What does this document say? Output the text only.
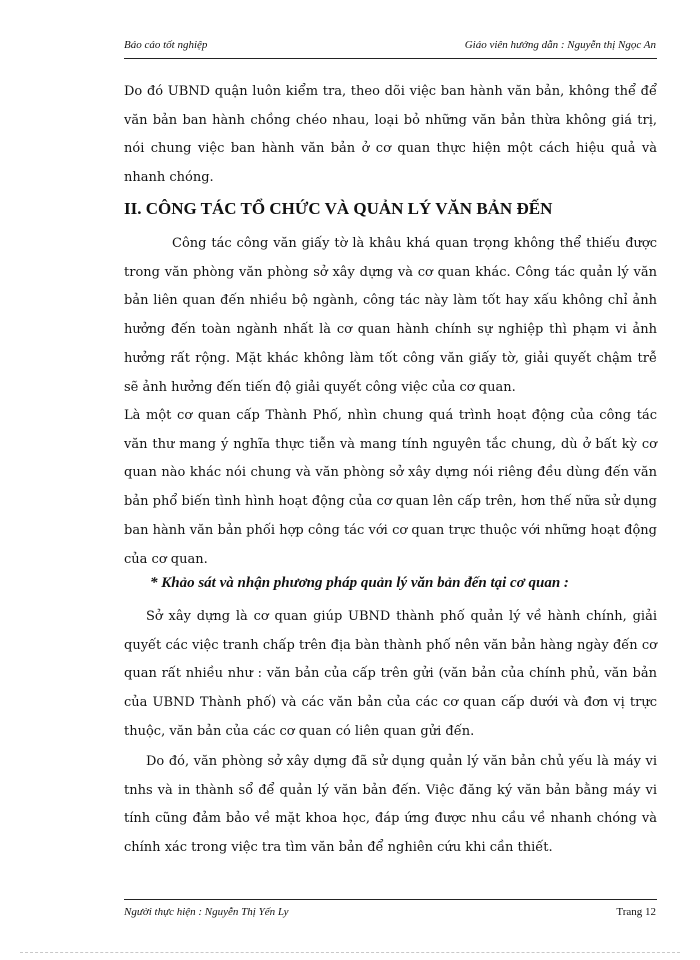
Báo cáo tốt nghiệp	Giáo viên hướng dẫn : Nguyễn thị Ngọc An

Do đó UBND quận luôn kiểm tra, theo dõi việc ban hành văn bản, không thể để văn bản ban hành chồng chéo nhau, loại bỏ những văn bản thừa không giá trị, nói chung việc ban hành văn bản ở cơ quan thực hiện một cách hiệu quả và nhanh chóng.

II. CÔNG TÁC TỔ CHỨC VÀ QUẢN LÝ VĂN BẢN ĐẾN

Công tác công văn giấy tờ là khâu khá quan trọng không thể thiếu được trong văn phòng văn phòng sở xây dựng và cơ quan khác. Công tác quản lý văn bản liên quan đến nhiều bộ ngành, công tác này làm tốt hay xấu không chỉ ảnh hưởng đến toàn ngành nhất là cơ quan hành chính sự nghiệp thì phạm vi ảnh hưởng rất rộng. Mặt khác không làm tốt công văn giấy tờ, giải quyết chậm trễ sẽ ảnh hưởng đến tiến độ giải quyết công việc của cơ quan.

Là một cơ quan cấp Thành Phố, nhìn chung quá trình hoạt động của công tác văn thư mang ý nghĩa thực tiễn và mang tính nguyên tắc chung, dù ở bất kỳ cơ quan nào khác nói chung và văn phòng sở xây dựng nói riêng đều dùng đến văn bản phổ biến tình hình hoạt động của cơ quan lên cấp trên, hơn thế nữa sử dụng ban hành văn bản phối hợp công tác với cơ quan trực thuộc với những hoạt động của cơ quan.

* Khảo sát và nhận phương pháp quản lý văn bản đến tại cơ quan :

Sở xây dựng là cơ quan giúp UBND thành phố quản lý về hành chính, giải quyết các việc tranh chấp trên địa bàn thành phố nên văn bản hàng ngày đến cơ quan rất nhiều như : văn bản của cấp trên gửi (văn bản của chính phủ, văn bản của UBND Thành phố) và các văn bản của các cơ quan cấp dưới và đơn vị trực thuộc, văn bản của các cơ quan có liên quan gửi đến.

Do đó, văn phòng sở xây dựng đã sử dụng quản lý văn bản chủ yếu là máy vi tnhs và in thành sổ để quản lý văn bản đến. Việc đăng ký văn bản bằng máy vi tính cũng đảm bảo về mặt khoa học, đáp ứng được nhu cầu về nhanh chóng và chính xác trong việc tra tìm văn bản để nghiên cứu khi cần thiết.

Người thực hiện : Nguyễn Thị Yến Ly	Trang 12
